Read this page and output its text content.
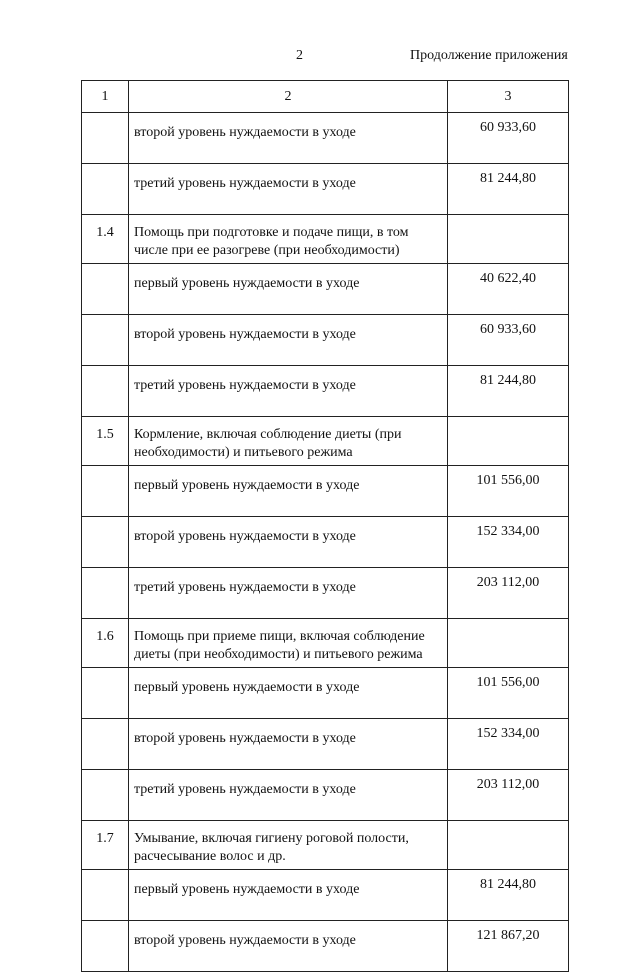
2	Продолжение приложения
1	2	3
	второй уровень нуждаемости в уходе	60 933,60
	третий уровень нуждаемости в уходе	81 244,80
1.4	Помощь при подготовке и подаче пищи, в том числе при ее разогреве (при необходимости)	
	первый уровень нуждаемости в уходе	40 622,40
	второй уровень нуждаемости в уходе	60 933,60
	третий уровень нуждаемости в уходе	81 244,80
1.5	Кормление, включая соблюдение диеты (при необходимости) и питьевого режима	
	первый уровень нуждаемости в уходе	101 556,00
	второй уровень нуждаемости в уходе	152 334,00
	третий уровень нуждаемости в уходе	203 112,00
1.6	Помощь при приеме пищи, включая соблюдение диеты (при необходимости) и питьевого режима	
	первый уровень нуждаемости в уходе	101 556,00
	второй уровень нуждаемости в уходе	152 334,00
	третий уровень нуждаемости в уходе	203 112,00
1.7	Умывание, включая гигиену роговой полости, расчесывание волос и др.	
	первый уровень нуждаемости в уходе	81 244,80
	второй уровень нуждаемости в уходе	121 867,20
